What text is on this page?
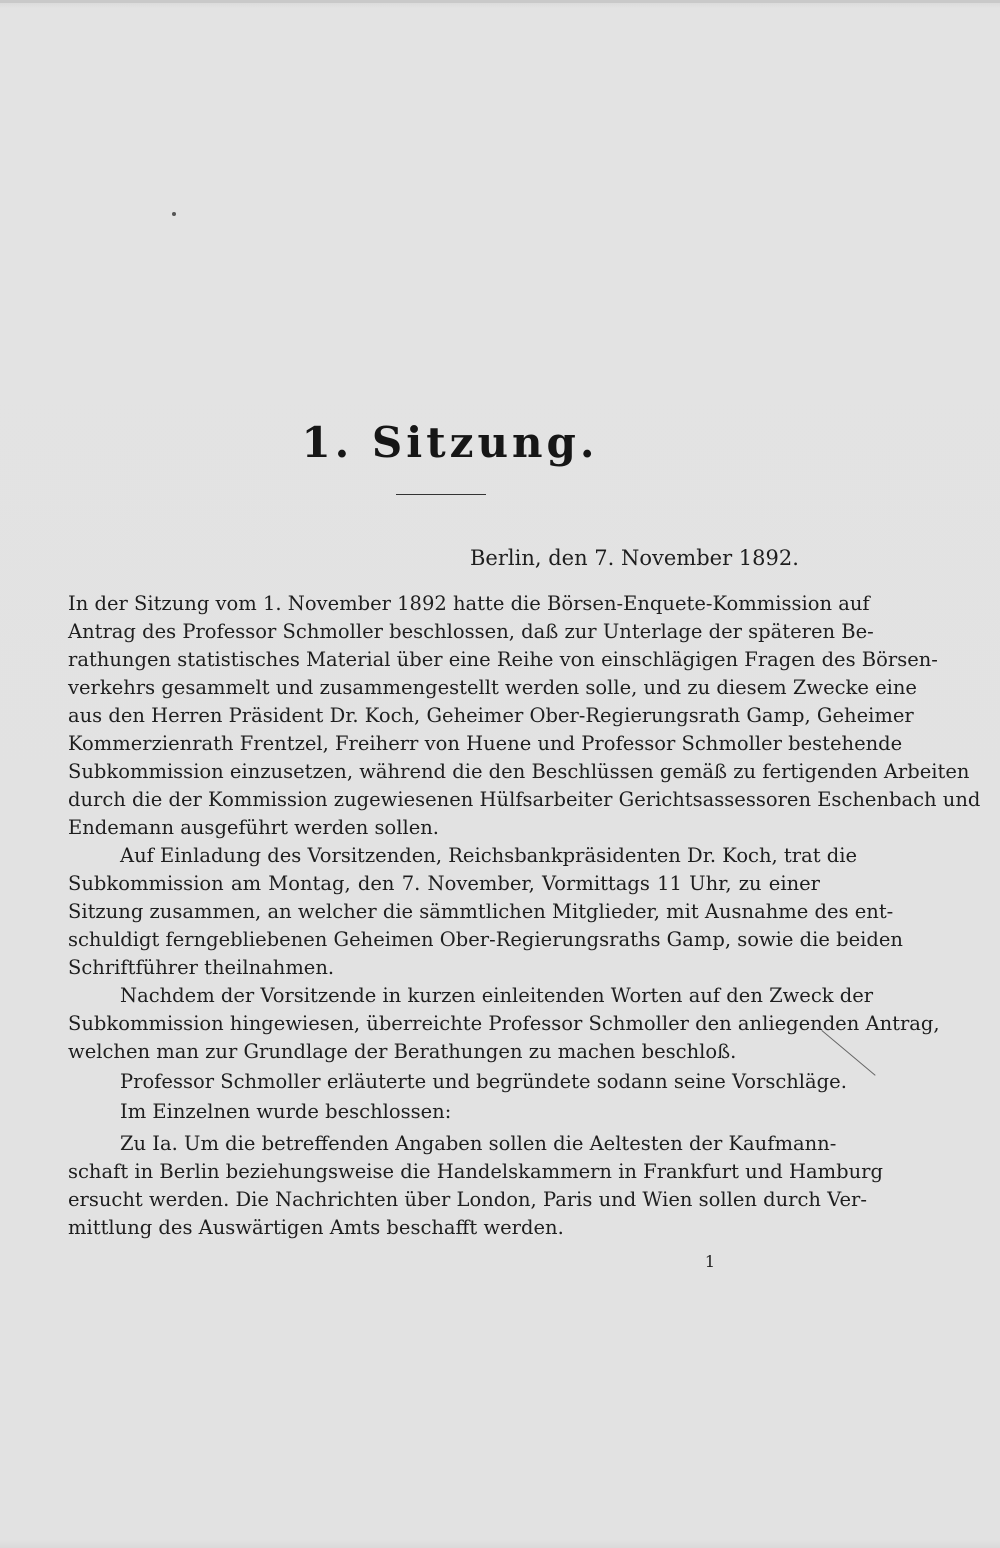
1. Sitzung.
Berlin, den 7. November 1892.
In der Sitzung vom 1. November 1892 hatte die Börsen-Enquete-Kommission auf
Antrag des Professor Schmoller beschlossen, daß zur Unterlage der späteren Be-
rathungen statistisches Material über eine Reihe von einschlägigen Fragen des Börsen-
verkehrs gesammelt und zusammengestellt werden solle, und zu diesem Zwecke eine
aus den Herren Präsident Dr. Koch, Geheimer Ober-Regierungsrath Gamp, Geheimer
Kommerzienrath Frentzel, Freiherr von Huene und Professor Schmoller bestehende
Subkommission einzusetzen, während die den Beschlüssen gemäß zu fertigenden Arbeiten
durch die der Kommission zugewiesenen Hülfsarbeiter Gerichtsassessoren Eschenbach und
Endemann ausgeführt werden sollen.
Auf Einladung des Vorsitzenden, Reichsbankpräsidenten Dr. Koch, trat die
Subkommission am Montag, den 7. November, Vormittags 11 Uhr, zu einer
Sitzung zusammen, an welcher die sämmtlichen Mitglieder, mit Ausnahme des ent-
schuldigt ferngebliebenen Geheimen Ober-Regierungsraths Gamp, sowie die beiden
Schriftführer theilnahmen.
Nachdem der Vorsitzende in kurzen einleitenden Worten auf den Zweck der
Subkommission hingewiesen, überreichte Professor Schmoller den anliegenden Antrag,
welchen man zur Grundlage der Berathungen zu machen beschloß.
Professor Schmoller erläuterte und begründete sodann seine Vorschläge.
Im Einzelnen wurde beschlossen:
Zu Ia. Um die betreffenden Angaben sollen die Aeltesten der Kaufmann-
schaft in Berlin beziehungsweise die Handelskammern in Frankfurt und Hamburg
ersucht werden. Die Nachrichten über London, Paris und Wien sollen durch Ver-
mittlung des Auswärtigen Amts beschafft werden.
1
